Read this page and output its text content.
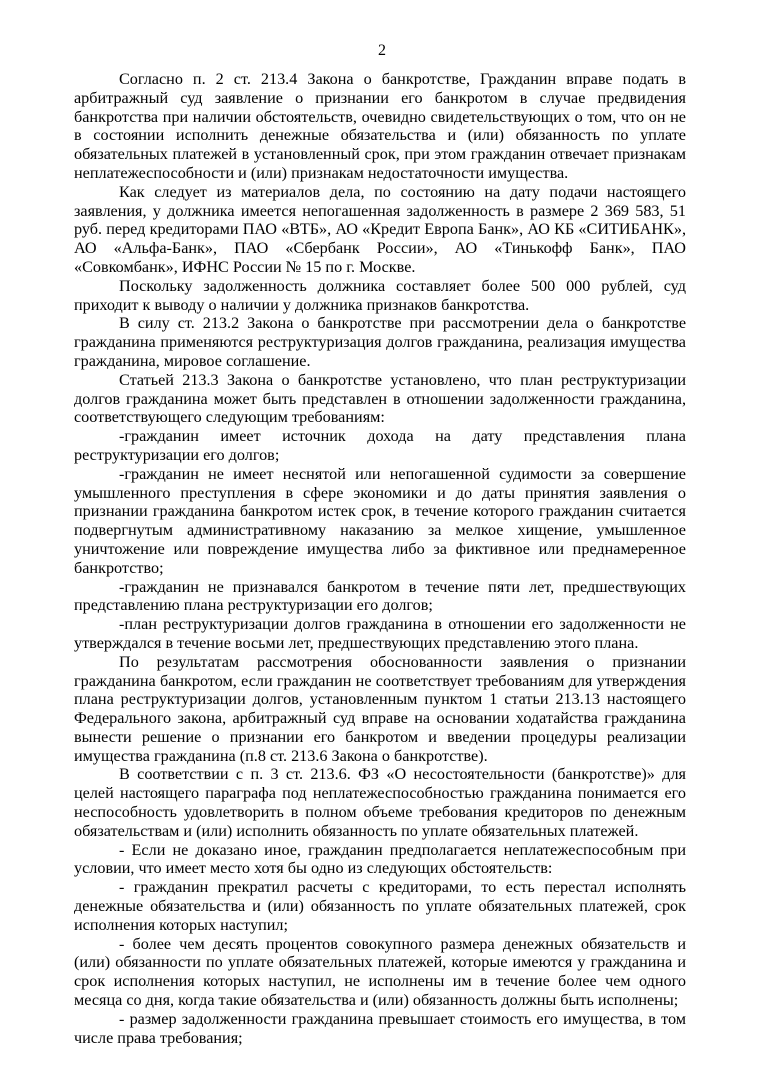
2

Согласно п. 2 ст. 213.4 Закона о банкротстве, Гражданин вправе подать в арбитражный суд заявление о признании его банкротом в случае предвидения банкротства при наличии обстоятельств, очевидно свидетельствующих о том, что он не в состоянии исполнить денежные обязательства и (или) обязанность по уплате обязательных платежей в установленный срок, при этом гражданин отвечает признакам неплатежеспособности и (или) признакам недостаточности имущества.

Как следует из материалов дела, по состоянию на дату подачи настоящего заявления, у должника имеется непогашенная задолженность в размере 2 369 583, 51 руб. перед кредиторами ПАО «ВТБ», АО «Кредит Европа Банк», АО КБ «СИТИБАНК», АО «Альфа-Банк», ПАО «Сбербанк России», АО «Тинькофф Банк», ПАО «Совкомбанк», ИФНС России № 15 по г. Москве.

Поскольку задолженность должника составляет более 500 000 рублей, суд приходит к выводу о наличии у должника признаков банкротства.

В силу ст. 213.2 Закона о банкротстве при рассмотрении дела о банкротстве гражданина применяются реструктуризация долгов гражданина, реализация имущества гражданина, мировое соглашение.

Статьей 213.3 Закона о банкротстве установлено, что план реструктуризации долгов гражданина может быть представлен в отношении задолженности гражданина, соответствующего следующим требованиям:

-гражданин имеет источник дохода на дату представления плана реструктуризации его долгов;

-гражданин не имеет неснятой или непогашенной судимости за совершение умышленного преступления в сфере экономики и до даты принятия заявления о признании гражданина банкротом истек срок, в течение которого гражданин считается подвергнутым административному наказанию за мелкое хищение, умышленное уничтожение или повреждение имущества либо за фиктивное или преднамеренное банкротство;

-гражданин не признавался банкротом в течение пяти лет, предшествующих представлению плана реструктуризации его долгов;

-план реструктуризации долгов гражданина в отношении его задолженности не утверждался в течение восьми лет, предшествующих представлению этого плана.

По результатам рассмотрения обоснованности заявления о признании гражданина банкротом, если гражданин не соответствует требованиям для утверждения плана реструктуризации долгов, установленным пунктом 1 статьи 213.13 настоящего Федерального закона, арбитражный суд вправе на основании ходатайства гражданина вынести решение о признании его банкротом и введении процедуры реализации имущества гражданина (п.8 ст. 213.6 Закона о банкротстве).

В соответствии с п. 3 ст. 213.6. ФЗ «О несостоятельности (банкротстве)» для целей настоящего параграфа под неплатежеспособностью гражданина понимается его неспособность удовлетворить в полном объеме требования кредиторов по денежным обязательствам и (или) исполнить обязанность по уплате обязательных платежей.

- Если не доказано иное, гражданин предполагается неплатежеспособным при условии, что имеет место хотя бы одно из следующих обстоятельств:

- гражданин прекратил расчеты с кредиторами, то есть перестал исполнять денежные обязательства и (или) обязанность по уплате обязательных платежей, срок исполнения которых наступил;

- более чем десять процентов совокупного размера денежных обязательств и (или) обязанности по уплате обязательных платежей, которые имеются у гражданина и срок исполнения которых наступил, не исполнены им в течение более чем одного месяца со дня, когда такие обязательства и (или) обязанность должны быть исполнены;

- размер задолженности гражданина превышает стоимость его имущества, в том числе права требования;
